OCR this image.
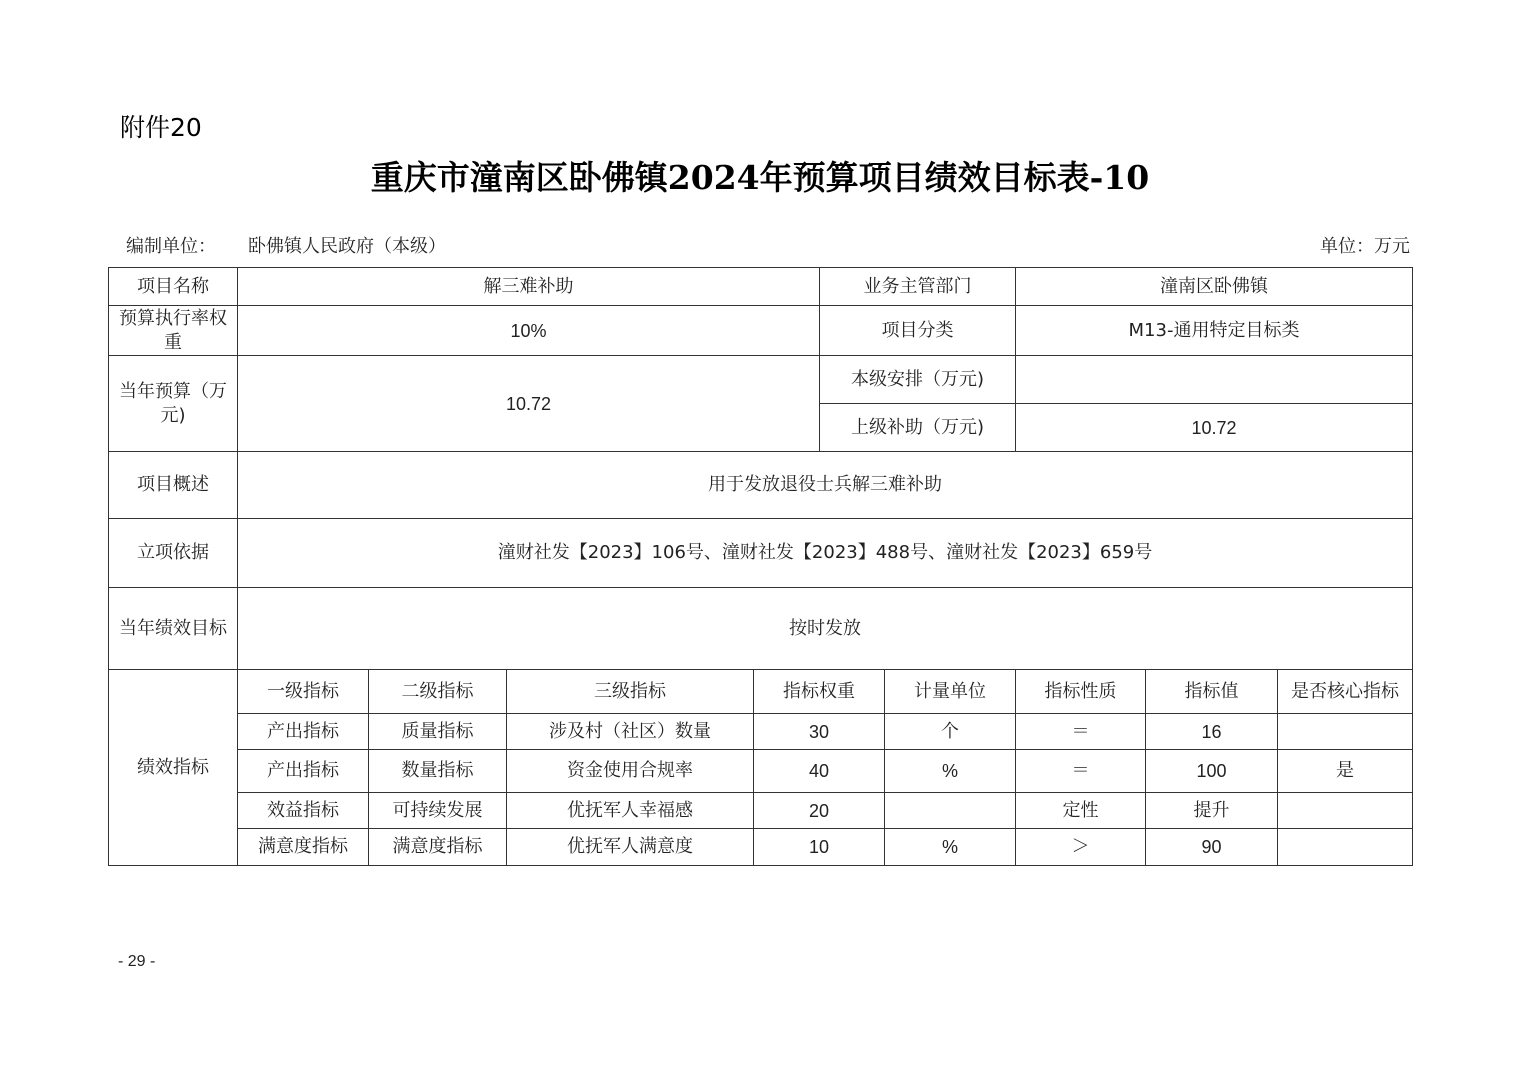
附件20
重庆市潼南区卧佛镇2024年预算项目绩效目标表-10
编制单位： 卧佛镇人民政府（本级）	单位：万元
项目名称	解三难补助				业务主管部门		潼南区卧佛镇		
预算执行率权重	10%				项目分类		M13-通用特定目标类		
当年预算（万元)	10.72				本级安排（万元)				
					上级补助（万元)		10.72		
项目概述	用于发放退役士兵解三难补助								
立项依据	潼财社发【2023】106号、潼财社发【2023】488号、潼财社发【2023】659号								
当年绩效目标	按时发放								
绩效指标	一级指标	二级指标	三级指标	指标权重		计量单位	指标性质	指标值	是否核心指标
	产出指标	质量指标	涉及村（社区）数量	30		个	＝	16	
	产出指标	数量指标	资金使用合规率	40		%	＝	100	是
	效益指标	可持续发展	优抚军人幸福感	20			定性	提升	
	满意度指标	满意度指标	优抚军人满意度	10		%	＞	90	
- 29 -
